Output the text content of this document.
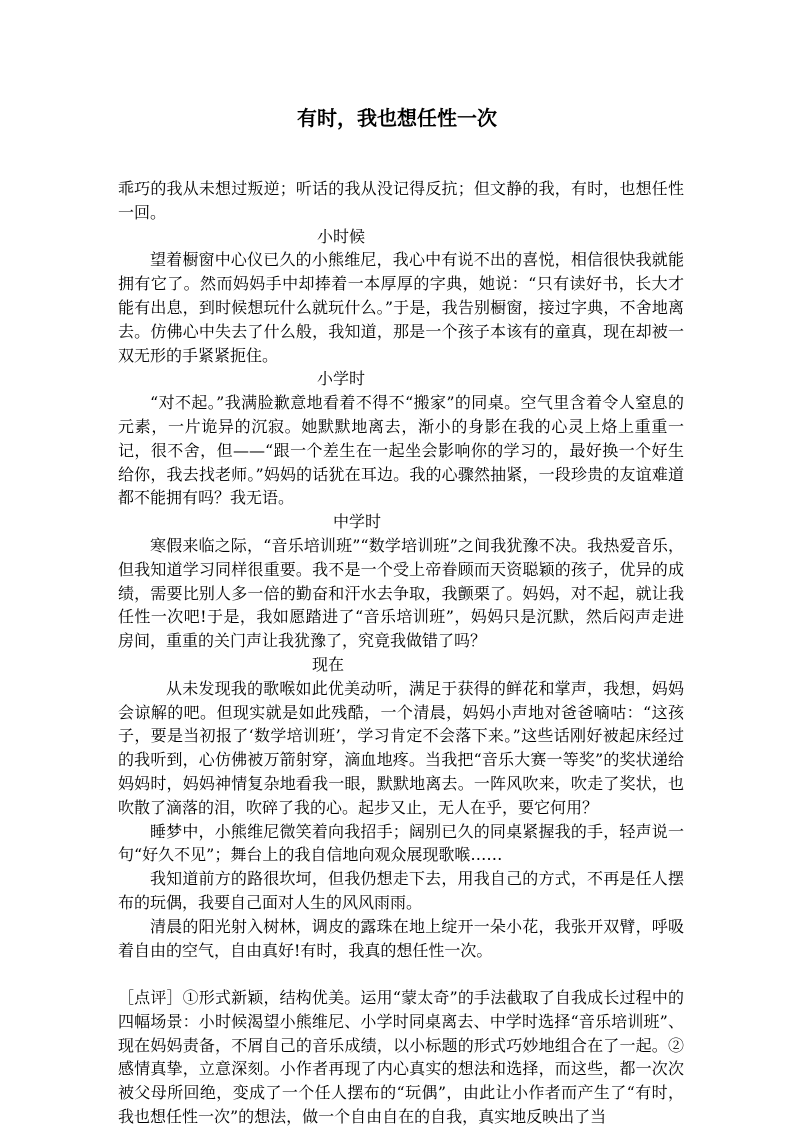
有时，我也想任性一次

乖巧的我从未想过叛逆；听话的我从没记得反抗；但文静的我，有时，也想任性一回。

小时候

望着橱窗中心仪已久的小熊维尼，我心中有说不出的喜悦，相信很快我就能拥有它了。然而妈妈手中却捧着一本厚厚的字典，她说：“只有读好书，长大才能有出息，到时候想玩什么就玩什么。”于是，我告别橱窗，接过字典，不舍地离去。仿佛心中失去了什么般，我知道，那是一个孩子本该有的童真，现在却被一双无形的手紧紧扼住。

小学时

“对不起。”我满脸歉意地看着不得不“搬家”的同桌。空气里含着令人窒息的元素，一片诡异的沉寂。她默默地离去，渐小的身影在我的心灵上烙上重重一记，很不舍，但——“跟一个差生在一起坐会影响你的学习的，最好换一个好生给你，我去找老师。”妈妈的话犹在耳边。我的心骤然抽紧，一段珍贵的友谊难道都不能拥有吗？我无语。

中学时

寒假来临之际，“音乐培训班”“数学培训班”之间我犹豫不决。我热爱音乐，但我知道学习同样很重要。我不是一个受上帝眷顾而天资聪颖的孩子，优异的成绩，需要比别人多一倍的勤奋和汗水去争取，我颤栗了。妈妈，对不起，就让我任性一次吧!于是，我如愿踏进了“音乐培训班”，妈妈只是沉默，然后闷声走进房间，重重的关门声让我犹豫了，究竟我做错了吗？

现在

从未发现我的歌喉如此优美动听，满足于获得的鲜花和掌声，我想，妈妈会谅解的吧。但现实就是如此残酷，一个清晨，妈妈小声地对爸爸嘀咕：“这孩子，要是当初报了‘数学培训班’，学习肯定不会落下来。”这些话刚好被起床经过的我听到，心仿佛被万箭射穿，滴血地疼。当我把“音乐大赛一等奖”的奖状递给妈妈时，妈妈神情复杂地看我一眼，默默地离去。一阵风吹来，吹走了奖状，也吹散了滴落的泪，吹碎了我的心。起步又止，无人在乎，要它何用？

睡梦中，小熊维尼微笑着向我招手；阔别已久的同桌紧握我的手，轻声说一句“好久不见”；舞台上的我自信地向观众展现歌喉……

我知道前方的路很坎坷，但我仍想走下去，用我自己的方式，不再是任人摆布的玩偶，我要自己面对人生的风风雨雨。

清晨的阳光射入树林，调皮的露珠在地上绽开一朵小花，我张开双臂，呼吸着自由的空气，自由真好!有时，我真的想任性一次。

［点评］①形式新颖，结构优美。运用“蒙太奇”的手法截取了自我成长过程中的四幅场景：小时候渴望小熊维尼、小学时同桌离去、中学时选择“音乐培训班”、现在妈妈责备，不屑自己的音乐成绩，以小标题的形式巧妙地组合在了一起。②感情真挚，立意深刻。小作者再现了内心真实的想法和选择，而这些，都一次次被父母所回绝，变成了一个任人摆布的“玩偶”，由此让小作者而产生了“有时，我也想任性一次”的想法，做一个自由自在的自我，真实地反映出了当
